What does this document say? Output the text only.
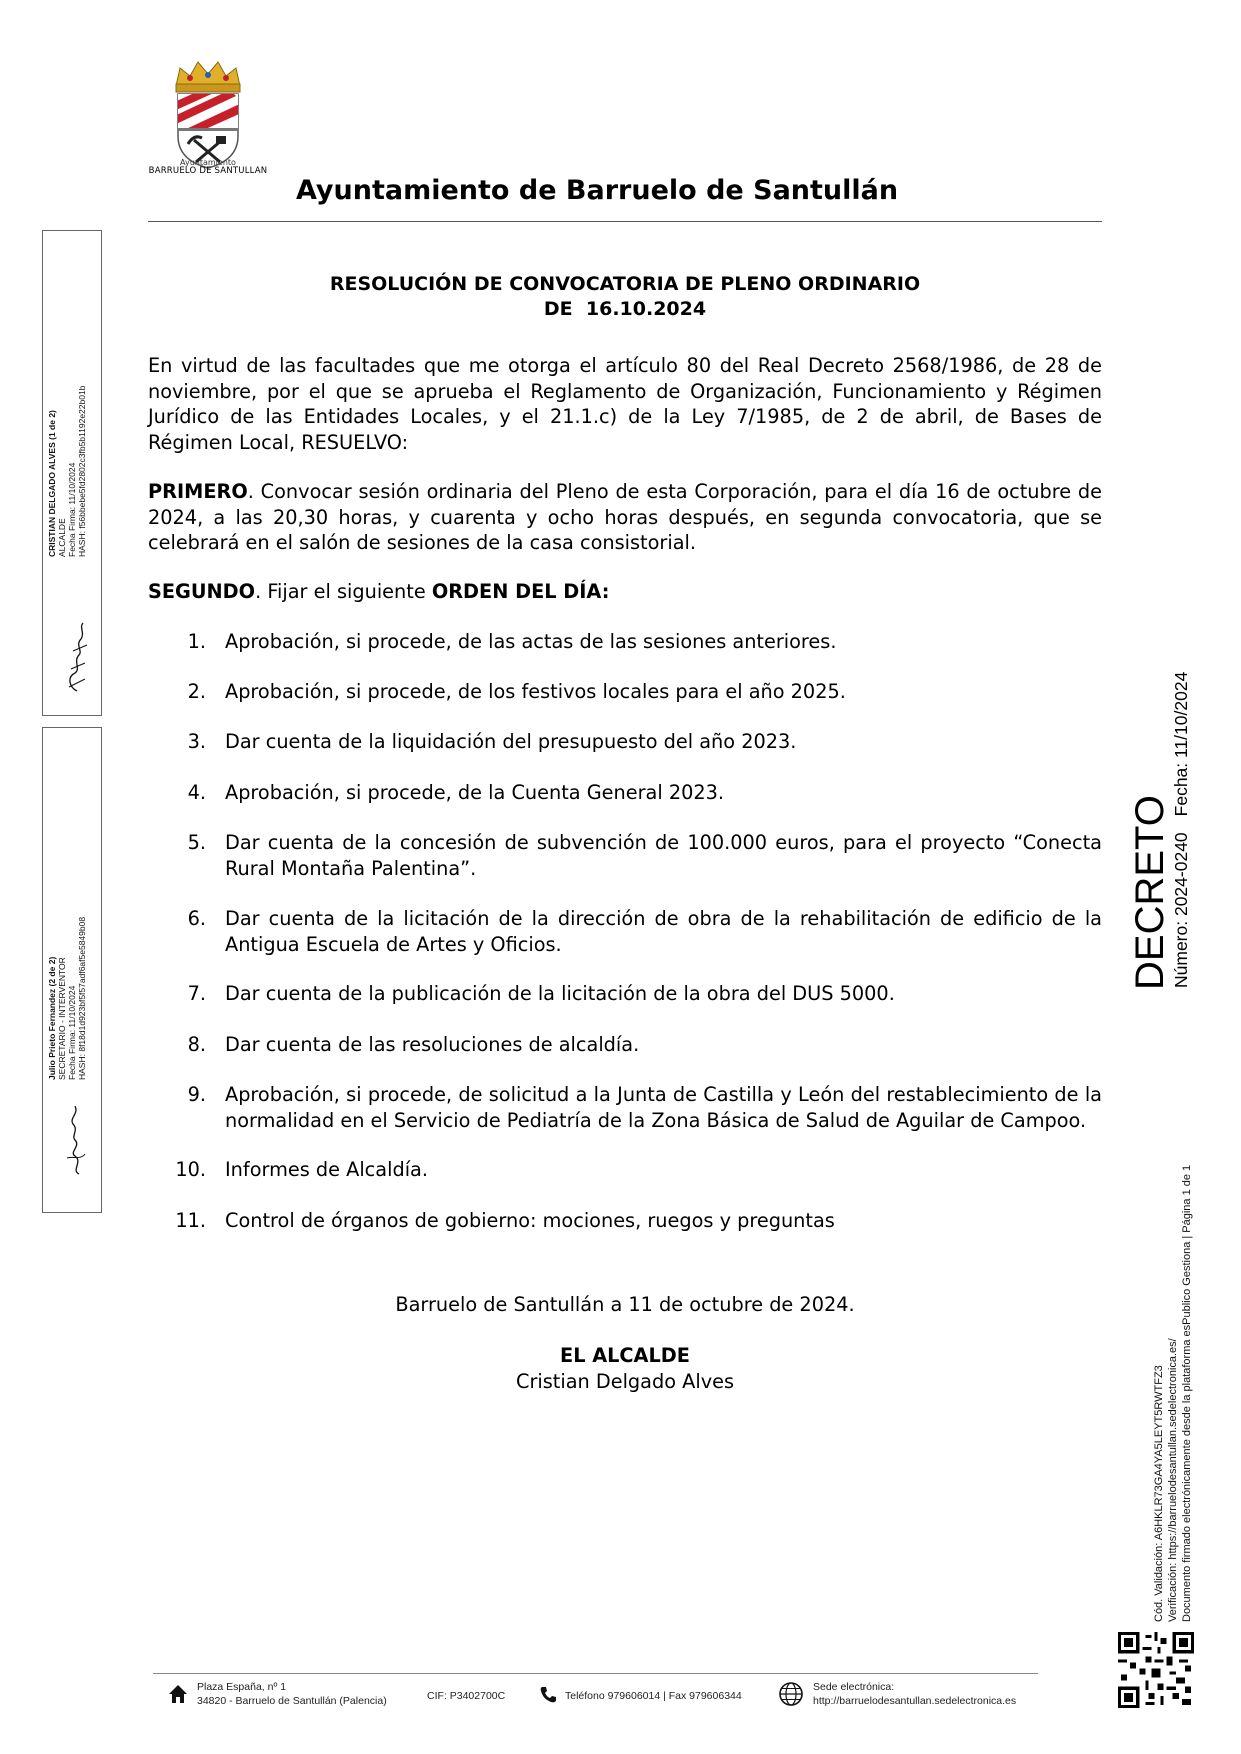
Ayuntamiento
BARRUELO DE SANTULLAN
Ayuntamiento de Barruelo de Santullán
RESOLUCIÓN DE CONVOCATORIA DE PLENO ORDINARIO
DE  16.10.2024
En virtud de las facultades que me otorga el artículo 80 del Real Decreto 2568/1986, de 28 de noviembre, por el que se aprueba el Reglamento de Organización, Funcionamiento y Régimen Jurídico de las Entidades Locales, y el 21.1.c) de la Ley 7/1985, de 2 de abril, de Bases de Régimen Local, RESUELVO:
PRIMERO. Convocar sesión ordinaria del Pleno de esta Corporación, para el día 16 de octubre de 2024, a las 20,30 horas, y cuarenta y ocho horas después, en segunda convocatoria, que se celebrará en el salón de sesiones de la casa consistorial.
SEGUNDO. Fijar el siguiente ORDEN DEL DÍA:
1. Aprobación, si procede, de las actas de las sesiones anteriores.
2. Aprobación, si procede, de los festivos locales para el año 2025.
3. Dar cuenta de la liquidación del presupuesto del año 2023.
4. Aprobación, si procede, de la Cuenta General 2023.
5. Dar cuenta de la concesión de subvención de 100.000 euros, para el proyecto “Conecta Rural Montaña Palentina”.
6. Dar cuenta de la licitación de la dirección de obra de la rehabilitación de edificio de la Antigua Escuela de Artes y Oficios.
7. Dar cuenta de la publicación de la licitación de la obra del DUS 5000.
8. Dar cuenta de las resoluciones de alcaldía.
9. Aprobación, si procede, de solicitud a la Junta de Castilla y León del restablecimiento de la normalidad en el Servicio de Pediatría de la Zona Básica de Salud de Aguilar de Campoo.
10. Informes de Alcaldía.
11. Control de órganos de gobierno: mociones, ruegos y preguntas
Barruelo de Santullán a 11 de octubre de 2024.
EL ALCALDE
Cristian Delgado Alves
CRISTIAN DELGADO ALVES (1 de 2) ALCALDE Fecha Firma: 11/10/2024 HASH: f56bbebe5fd2802c3fb5b1192e22b01b
Julio Prieto Fernandez (2 de 2) SECRETARIO - INTERVENTOR Fecha Firma: 11/10/2024 HASH: 8f18d1d923bf5f57adf6af5e5849b08
DECRETO Número: 2024-0240Fecha: 11/10/2024
Cód. Validación: A6HKLR73GA4YA5LEYT5RWTFZ3 Verificación: https://barruelodesantullan.sedelectronica.es/ Documento firmado electrónicamente desde la plataforma esPublico Gestiona | Página 1 de 1
Plaza España, nº 1
34820 - Barruelo de Santullán (Palencia)	CIF: P3402700C	Teléfono 979606014 | Fax 979606344
Sede electrónica:
http://barruelodesantullan.sedelectronica.es
